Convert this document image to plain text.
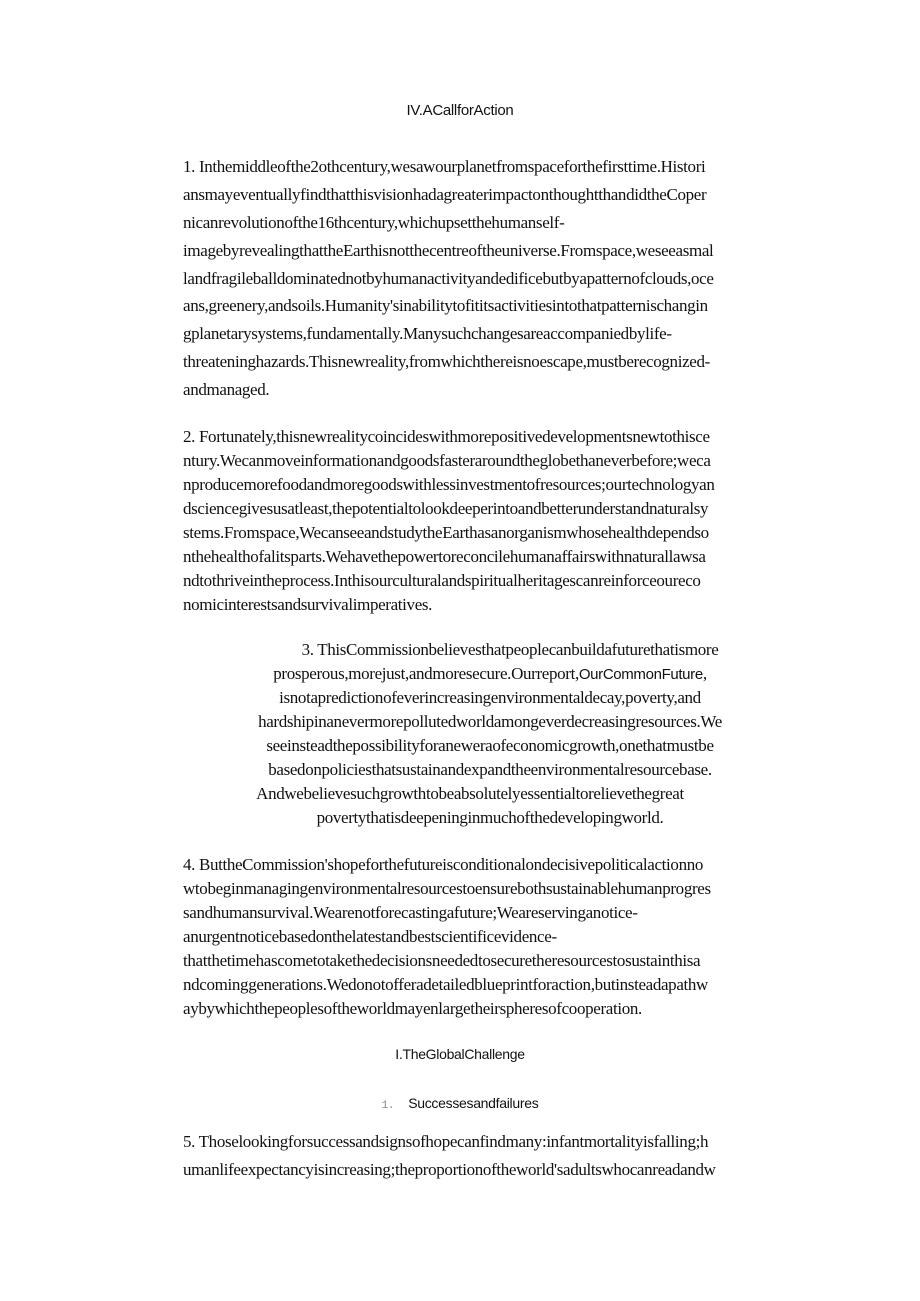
IV.ACallforAction
1. Inthemiddleofthe2othcentury,wesawourplanetfromspaceforthefirsttime.Histori
ansmayeventuallyfindthatthisvisionhadagreaterimpactonthoughtthandidtheCoper
nicanrevolutionofthe16thcentury,whichupsetthehumanself-
imagebyrevealingthattheEarthisnotthecentreoftheuniverse.Fromspace,weseeasmal
landfragileballdominatednotbyhumanactivityandedificebutbyapatternofclouds,oce
ans,greenery,andsoils.Humanity'sinabilitytofititsactivitiesintothatpatternischangin
gplanetarysystems,fundamentally.Manysuchchangesareaccompaniedbylife-
threateninghazards.Thisnewreality,fromwhichthereisnoescape,mustberecognized-
andmanaged.
2. Fortunately,thisnewrealitycoincideswithmorepositivedevelopmentsnewtothisce
ntury.Wecanmoveinformationandgoodsfasteraroundtheglobethaneverbefore;weca
nproducemorefoodandmoregoodswithlessinvestmentofresources;ourtechnologyan
dsciencegivesusatleast,thepotentialtolookdeeperintoandbetterunderstandnaturalsy
stems.Fromspace,WecanseeandstudytheEarthasanorganismwhosehealthdependso
nthehealthofalitsparts.Wehavethepowertoreconcilehumanaffairswithnaturallawsa
ndtothriveintheprocess.Inthisourculturalandspiritualheritagescanreinforceoureco
nomicinterestsandsurvivalimperatives.
3. ThisCommissionbelievesthatpeoplecanbuildafuturethatismore
prosperous,morejust,andmoresecure.Ourreport,OurCommonFuture,
isnotapredictionofeverincreasingenvironmentaldecay,poverty,and
hardshipinanevermorepollutedworldamongeverdecreasingresources.We
seeinsteadthepossibilityforaneweraofeconomicgrowth,onethatmustbe
basedonpoliciesthatsustainandexpandtheenvironmentalresourcebase.
Andwebelievesuchgrowthtobeabsolutelyessentialtorelievethegreat
povertythatisdeepeninginmuchofthedevelopingworld.
4. ButtheCommission'shopeforthefutureisconditionalondecisivepoliticalactionno
wtobeginmanagingenvironmentalresourcestoensurebothsustainablehumanprogres
sandhumansurvival.Wearenotforecastingafuture;Weareservinganotice-
anurgentnoticebasedonthelatestandbestscientificevidence-
thatthetimehascometotakethedecisionsneededtosecuretheresourcestosustainthisa
ndcominggenerations.Wedonotofferadetailedblueprintforaction,butinsteadapathw
aybywhichthepeoplesoftheworldmayenlargetheirspheresofcooperation.
I.TheGlobalChallenge
1. Successesandfailures
5. Thoselookingforsuccessandsignsofhopecanfindmany:infantmortalityisfalling;h
umanlifeexpectancyisincreasing;theproportionoftheworld'sadultswhocanreadandw
